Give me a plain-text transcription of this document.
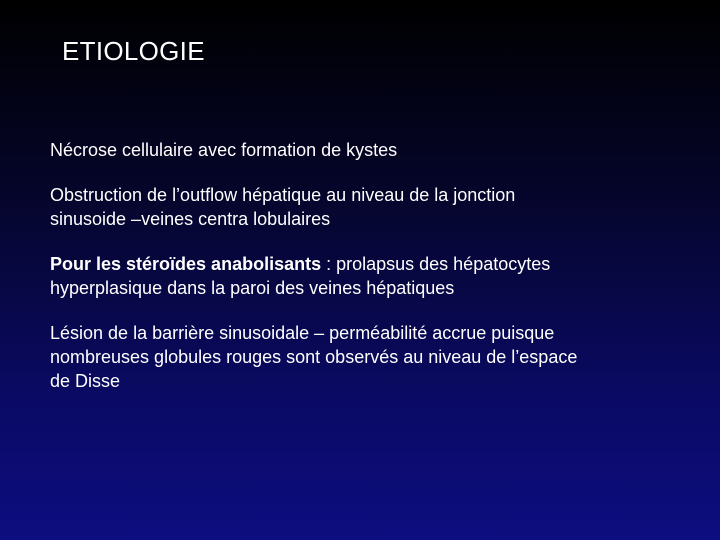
ETIOLOGIE

Nécrose cellulaire avec formation de kystes

Obstruction de l’outflow hépatique au niveau de la jonction
sinusoide –veines centra lobulaires

Pour les stéroïdes anabolisants : prolapsus des hépatocytes
hyperplasique dans la paroi des veines hépatiques

Lésion de la barrière sinusoidale – perméabilité accrue puisque
nombreuses globules rouges sont observés au niveau de l’espace
de Disse
